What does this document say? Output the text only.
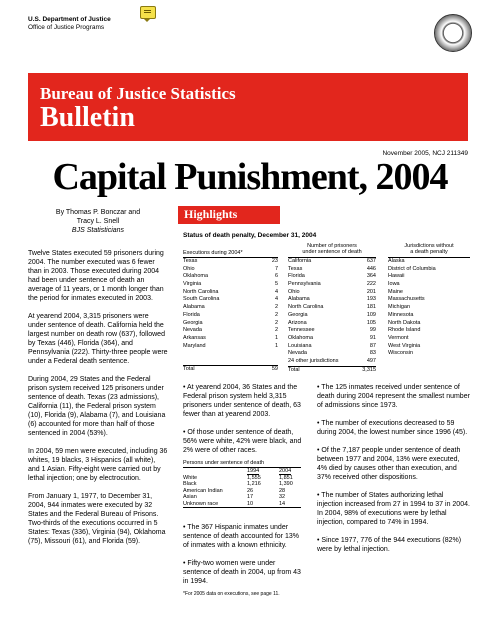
U.S. Department of Justice
Office of Justice Programs
Bureau of Justice Statistics
Bulletin
November 2005, NCJ 211349
Capital Punishment, 2004
By Thomas P. Bonczar and
Tracy L. Snell
BJS Statisticians

Twelve States executed 59 prisoners during 2004. The number executed was 6 fewer than in 2003. Those executed during 2004 had been under sentence of death an average of 11 years, or 1 month longer than the period for inmates executed in 2003.

At yearend 2004, 3,315 prisoners were under sentence of death. California held the largest number on death row (637), followed by Texas (446), Florida (364), and Pennsylvania (222). Thirty-three people were under a Federal death sentence.

During 2004, 29 States and the Federal prison system received 125 prisoners under sentence of death. Texas (23 admissions), California (11), the Federal prison system (10), Florida (9), Alabama (7), and Louisiana (6) accounted for more than half of those sentenced in 2004 (53%).

In 2004, 59 men were executed, including 36 whites, 19 blacks, 3 Hispanics (all white), and 1 Asian. Fifty-eight were carried out by lethal injection; one by electrocution.

From January 1, 1977, to December 31, 2004, 944 inmates were executed by 32 States and the Federal Bureau of Prisons. Two-thirds of the executions occurred in 5 States: Texas (336), Virginia (94), Oklahoma (75), Missouri (61), and Florida (59).

Highlights
Status of death penalty, December 31, 2004
Executions during 2004*
Texas	23
Ohio	7
Oklahoma	6
Virginia	5
North Carolina	4
South Carolina	4
Alabama	2
Florida	2
Georgia	2
Nevada	2
Arkansas	1
Maryland	1
Total	59
Number of prisoners
under sentence of death
California	637
Texas	446
Florida	364
Pennsylvania	222
Ohio	201
Alabama	193
North Carolina	181
Georgia	109
Arizona	105
Tennessee	99
Oklahoma	91
Louisiana	87
Nevada	83
24 other jurisdictions	497
Total	3,315
Jurisdictions without
a death penalty
Alaska
District of Columbia
Hawaii
Iowa
Maine
Massachusetts
Michigan
Minnesota
North Dakota
Rhode Island
Vermont
West Virginia
Wisconsin

• At yearend 2004, 36 States and the Federal prison system held 3,315 prisoners under sentence of death, 63 fewer than at yearend 2003.

• Of those under sentence of death, 56% were white, 42% were black, and 2% were of other races.

Persons under sentence of death
1994	2004
White	1,555	1,851
Black	1,216	1,390
American Indian	26	28
Asian	17	32
Unknown race	10	14

• The 367 Hispanic inmates under sentence of death accounted for 13% of inmates with a known ethnicity.

• Fifty-two women were under sentence of death in 2004, up from 43 in 1994.

*For 2005 data on executions, see page 11.

• The 125 inmates received under sentence of death during 2004 represent the smallest number of admissions since 1973.

• The number of executions decreased to 59 during 2004, the lowest number since 1996 (45).

• Of the 7,187 people under sentence of death between 1977 and 2004, 13% were executed, 4% died by causes other than execution, and 37% received other dispositions.

• The number of States authorizing lethal injection increased from 27 in 1994 to 37 in 2004. In 2004, 98% of executions were by lethal injection, compared to 74% in 1994.

• Since 1977, 776 of the 944 executions (82%) were by lethal injection.
